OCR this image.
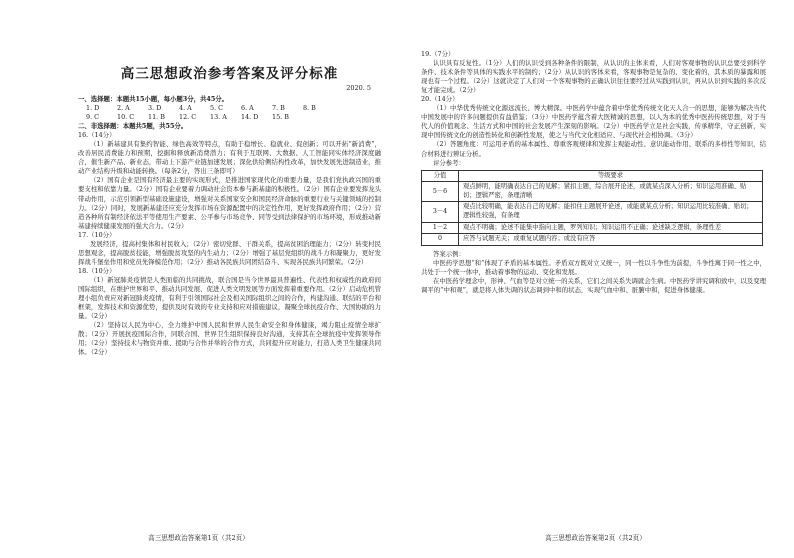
高三思想政治参考答案及评分标准
2020. 5
一、选择题：本题共15小题，每小题3分，共45分。
1. D	2. A	3. D	4. A	5. C	6. A	7. B	8. B
9. C	10. C	11. B	12. C	13. A	14. D	15. B
二、非选择题：本题共5题，共55分。
16.（14分）

（1）新基建具有集约智能、绿色高效等特点，有助于稳增长、稳就业、促创新；可以开拓“新消费”，改善居民消费能力和预期，挖掘和释放新消费潜力；有利于互联网、大数据、人工智能同实体经济深度融合，催生新产品、新业态，带动上下游产业链加速发展；深化供给侧结构性改革，加快发展先进制造业，推动产业结构升级和动能转换。（每条2分，答出三条即可）

（2）国有企业是国有经济最主要的实现形式，是推进国家现代化的重要力量，是我们党执政兴国的重要支柱和依靠力量。（2分）国有企业要着力调动社会资本参与新基建的积极性。（2分）国有企业要发挥龙头带动作用，示范引领新型基础设施建设，增强对关系国家安全和国民经济命脉的重要行业与关键领域的控制力。（2分）同时，发展新基建还应充分发挥市场在资源配置中的决定性作用，更好发挥政府作用；（2分）营造各种所有制经济依法平等使用生产要素、公平参与市场竞争、同等受到法律保护的市场环境，形成推动新基建持续健康发展的强大合力。（2分）

17.（10分）

发展经济，提高村集体和村民收入；（2分）密切党群、干群关系，提高贫困治理能力；（2分）转变村民思想观念，提高脱贫技能，增强脱贫攻坚的内生动力；（2分）增强了基层党组织的战斗力和凝聚力，更好发挥战斗堡垒作用和党员先锋模范作用；（2分）推动各民族共同团结奋斗、实现各民族共同繁荣。（2分）

18.（10分）

（1）新冠肺炎疫情是人类面临的共同挑战，联合国是当今世界最具普遍性、代表性和权威性的政府间国际组织，在维护世界和平、推动共同发展、促进人类文明发展等方面发挥着重要作用。（2分）启动危机管理小组负责应对新冠肺炎疫情，有利于引领国际社会及相关国际组织之间的合作，构建沟通、联结的平台和框架，发挥技术和资源优势，提供及时有效的专业支持和应对措施建议，凝聚全球抗疫合作、大国协助的力量。（2分）

（2）坚持以人民为中心，全力维护中国人民和世界人民生命安全和身体健康，竭力阻止疫情全球扩散；（2分）开展抗疫国际合作，同联合国、世界卫生组织保持良好沟通，支持其在全球抗疫中发挥领导作用；（2分）坚持技术与物资并重、援助与合作并举的合作方式，共同提升应对能力，打造人类卫生健康共同体。（2分）

高三思想政治答案第1页（共2页）
19.（7分）

认识具有反复性。（1分）人们的认识受到各种条件的限制，从认识的主体来看，人们对客观事物的认识总要受到科学条件、技术条件等具体的实践水平的制约；（2分）从认识的客体来看，客观事物是复杂的、变化着的，其本质的暴露和展现也有一个过程。（2分）这就决定了人们对一个客观事物的正确认识往往要经过从实践到认识，再从认识到实践的多次反复才能完成。（2分）

20.（14分）

（1）中华优秀传统文化源远流长、博大精深。中医药学中蕴含着中华优秀传统文化天人合一的思想，能够为解决当代中国发展中的许多问题提供有益借鉴；（3分）中医药学蕴含着大医精诚的思想，以人为本的优秀中医药传统思想，对于当代人的价值观念、生活方式和中国的社会发展产生深刻的影响。（2分）中医药学立足社会实践，传承精华，守正创新，实现中国传统文化的创造性转化和创新性发展，使之与当代文化相适应、与现代社会相协调。（3分）

（2）答题角度：可运用矛盾的基本属性、尊重客观规律和发挥主观能动性、意识能动作用、联系的多样性等知识，结合材料进行辨证分析。

评分参考：
分值	等级要求
5－6	观点鲜明，能明确表达自己的见解；紧扣主题，综合展开论述，或就某点深入分析；知识运用准确、贴切；逻辑严密，条理清晰
3－4	观点比较明确，能表达自己的见解；能扣住主题展开论述，或能就某点分析；知识运用比较准确、贴切；逻辑性较强，有条理
1－2	观点不明确；论述不能集中指向主题，罗列知识；知识运用不正确；论述缺乏逻辑，条理性差
0	应答与试题无关；或重复试题内容；或没有应答
答案示例：

中医药学思想“和”体现了矛盾的基本属性。矛盾双方既对立又统一，同一性以斗争性为前提，斗争性寓于同一性之中，共处于一个统一体中，推动着事物的运动、变化和发展。

在中医药学理念中，形神、气血等是对立统一的关系，它们之间关系失调就会生病。中医药学讲究调和致中，以及变理调平的“中和观”，就是将人体失调的状态调到中和的状态，实现气血中和、脏腑中和，促进身体健康。

高三思想政治答案第2页（共2页）
